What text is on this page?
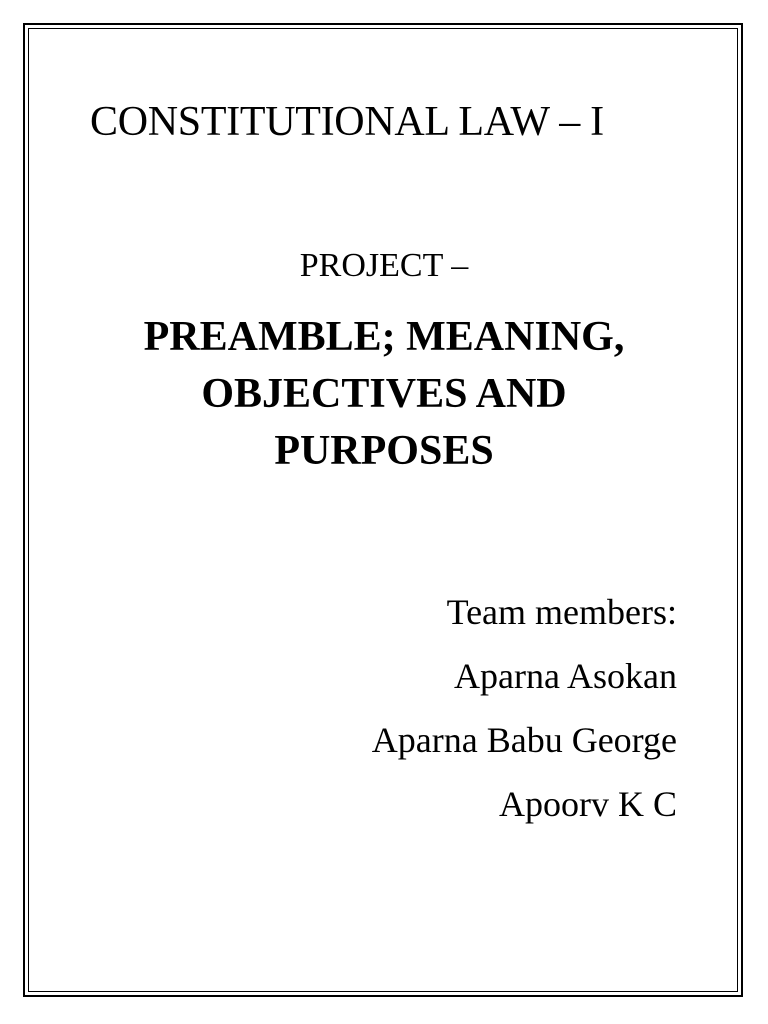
CONSTITUTIONAL LAW – I
PROJECT –
PREAMBLE; MEANING,
OBJECTIVES AND
PURPOSES
Team members:
Aparna Asokan
Aparna Babu George
Apoorv K C
